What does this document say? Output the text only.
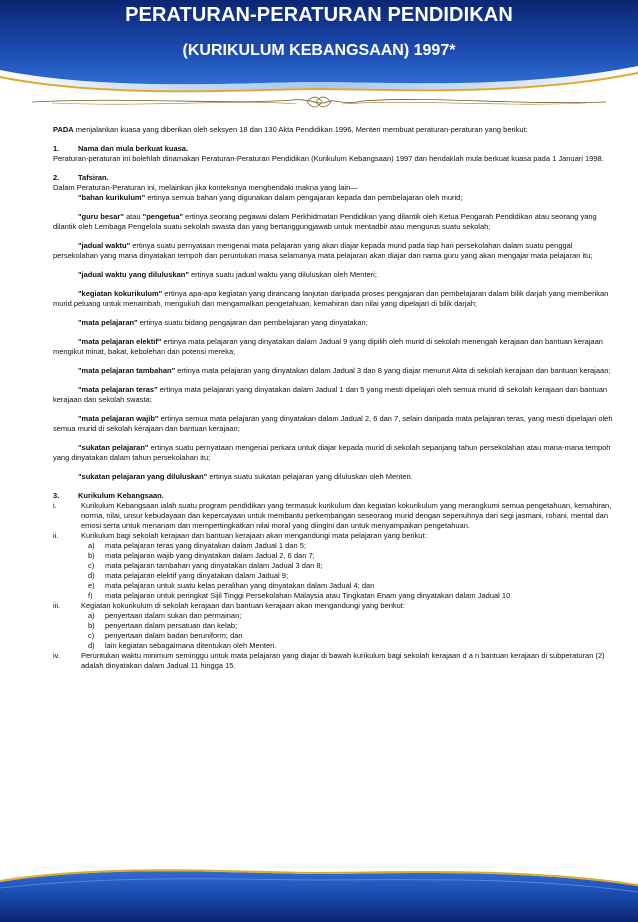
PERATURAN-PERATURAN PENDIDIKAN
(KURIKULUM KEBANGSAAN) 1997*

PADA menjalankan kuasa yang diberikan oleh seksyen 18 dan 130 Akta Pendidikan 1996, Menteri membuat peraturan-peraturan yang berikut:

1. Nama dan mula berkuat kuasa.

Peraturan-peraturan ini bolehlah dinamakan Peraturan-Peraturan Pendidikan (Kurikulum Kebangsaan) 1997 dan hendaklah mula berkuat kuasa pada 1 Januari 1998.

2. Tafsiran.

Dalam Peraturan-Peraturan ini, melainkan jika konteksnya menghendaki makna yang lain—

"bahan kurikulum" ertinya semua bahan yang digunakan dalam pengajaran kepada dan pembelajaran oleh murid;

"guru besar" atau "pengetua" ertinya seorang pegawai dalam Perkhidmatan Pendidikan yang dilantik oleh Ketua Pengarah Pendidikan atau seorang yang dilantik oleh Lembaga Pengelola suatu sekolah swasta dan yang bertanggungjawab untuk mentadbir atau mengurus suatu sekolah;

"jadual waktu" ertinya suatu pernyataan mengenai mata pelajaran yang akan diajar kepada murid pada tiap hari persekolahan dalam suatu penggal persekolahan yang mana dinyatakan tempoh dan peruntukan masa selamanya mata pelajaran akan diajar dan nama guru yang akan mengajar mata pelajaran itu;

"jadual waktu yang diluluskan" ertinya suatu jadual waktu yang diluluskan oleh Menteri;

"kegiatan kokurikulum" ertinya apa-apa kegiatan yang dirancang lanjutan daripada proses pengajaran dan pembelajaran dalam bilik darjah yang memberikan murid peluang untuk menambah, mengukuh dan mengamalkan pengetahuan, kemahiran dan nilai yang dipelajari di bilik darjah;

"mata pelajaran" ertinya suatu bidang pengajaran dan pembelajaran yang dinyatakan;

"mata pelajaran elektif" ertinya mata pelajaran yang dinyatakan dalam Jadual 9 yang dipilih oleh murid di sekolah menengah kerajaan dan bantuan kerajaan mengikut minat, bakat, kebolehan dan potensi mereka;

"mata pelajaran tambahan" ertinya mata pelajaran yang dinyatakan dalam Jadual 3 dan 8 yang diajar menurut Akta di sekolah kerajaan dan bantuan kerajaan;

"mata pelajaran teras" ertinya mata pelajaran yang dinyatakan dalam Jadual 1 dan 5 yang mesti dipelajari oleh semua murid di sekolah kerajaan dan bantuan kerajaan dan sekolah swasta;

"mata pelajaran wajib" ertinya semua mata pelajaran yang dinyatakan dalam Jadual 2, 6 dan 7, selain daripada mata pelajaran teras, yang mesti dipelajari oleh semua murid di sekolah kerajaan dan bantuan kerajaan;

"sukatan pelajaran" ertinya suatu pernyataan mengenai perkara untuk diajar kepada murid di sekolah sepanjang tahun persekolahan atau mana-mana tempoh yang dinyatakan dalam tahun persekolahan itu;

"sukatan pelajaran yang diluluskan" ertinya suatu sukatan pelajaran yang diluluskan oleh Menteri.

3. Kurikulum Kebangsaan.

i.	Kurikulum Kebangsaan ialah suatu program pendidikan yang termasuk kurikulum dan kegiatan kokurikulum yang merangkumi semua pengetahuan, kemahiran, norma, nilai, unsur kebudayaan dan kepercayaan untuk membantu perkembangan seseorang murid dengan sepenuhnya dari segi jasmani, rohani, mental dan emosi serta untuk menanam dan mempertingkatkan nilai moral yang diingini dan untuk menyampaikan pengetahuan.
ii.	Kurikulum bagi sekolah kerajaan dan bantuan kerajaan akan mengandungi mata pelajaran yang berikut:
a)	mata pelajaran teras yang dinyatakan dalam Jadual 1 dan 5;
b)	mata pelajaran wajib yang dinyatakan dalam Jadual 2, 6 dan 7;
c)	mata pelajaran tambahan yang dinyatakan dalam Jadual 3 dan 8;
d)	mata pelajaran elektif yang dinyatakan dalam Jadual 9;
e)	mata pelajaran untuk suatu kelas peralihan yang dinyatakan dalam Jadual 4; dan
f)	mata pelajaran untuk peringkat Sijil Tinggi Persekolahan Malaysia atau Tingkatan Enam yang dinyatakan dalam Jadual 10
iii.	Kegiatan kokurikulum di sekolah kerajaan dan bantuan kerajaan akan mengandungi yang berikut:
a)	penyertaan dalam sukan dan permainan;
b)	penyertaan dalam persatuan dan kelab;
c)	penyertaan dalam badan beruniform; dan
d)	lain kegiatan sebagaimana ditentukan oleh Menteri.
iv.	Peruntukan waktu minimum seminggu untuk mata pelajaran yang diajar di bawah kurikulum bagi sekolah kerajaan d a n bantuan kerajaan di subperaturan (2) adalah dinyatakan dalam Jadual 11 hingga 15.
